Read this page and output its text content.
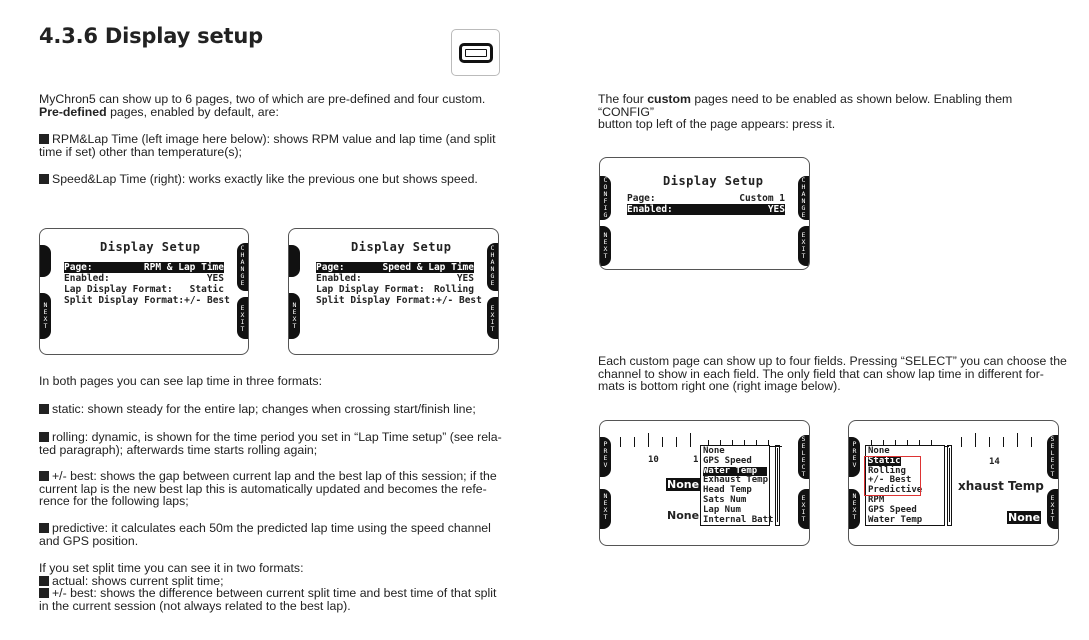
4.3.6 Display setup
MyChron5 can show up to 6 pages, two of which are pre-defined and four custom.
Pre-defined pages, enabled by default, are:
RPM&Lap Time (left image here below): shows RPM value and lap time (and split
time if set) other than temperature(s);
Speed&Lap Time (right): works exactly like the previous one but shows speed.
Display Setup
Page:	RPM & Lap Time
Enabled:	YES
Lap Display Format: Static
Split Display Format: +/- Best
N
E
X
T
C
H
A
N
G
E
E
X
I
T
Display Setup
Page:	Speed & Lap Time
Enabled:	YES
Lap Display Format: Rolling
Split Display Format: +/- Best
N
E
X
T
C
H
A
N
G
E
E
X
I
T
In both pages you can see lap time in three formats:
static: shown steady for the entire lap; changes when crossing start/finish line;
rolling: dynamic, is shown for the time period you set in “Lap Time setup” (see rela-
ted paragraph); afterwards time starts rolling again;
+/- best: shows the gap between current lap and the best lap of this session; if the
current lap is the new best lap this is automatically updated and becomes the refe-
rence for the following laps;
predictive: it calculates each 50m the predicted lap time using the speed channel
and GPS position.
If you set split time you can see it in two formats:
actual: shows current split time;
+/- best: shows the difference between current split time and best time of that split
in the current session (not always related to the best lap).
The four custom pages need to be enabled as shown below. Enabling them “CONFIG”
button top left of the page appears: press it.
Display Setup
Page:	Custom 1
Enabled:	YES
C
O
N
F
I
G
N
E
X
T
C
H
A
N
G
E
E
X
I
T
Each custom page can show up to four fields. Pressing “SELECT” you can choose the
channel to show in each field. The only field that can show lap time in different for-
mats is bottom right one (right image below).
10	1
None
GPS Speed
Water Temp
Exhaust Temp
Head Temp
Sats Num
Lap Num
Internal Batt
None
None
P
R
E
V
N
E
X
T
S
E
L
E
C
T
E
X
I
T
14
None
Static
Rolling
+/- Best
Predictive
RPM
GPS Speed
Water Temp
xhaust Temp
None
P
R
E
V
N
E
X
T
S
E
L
E
C
T
E
X
I
T
